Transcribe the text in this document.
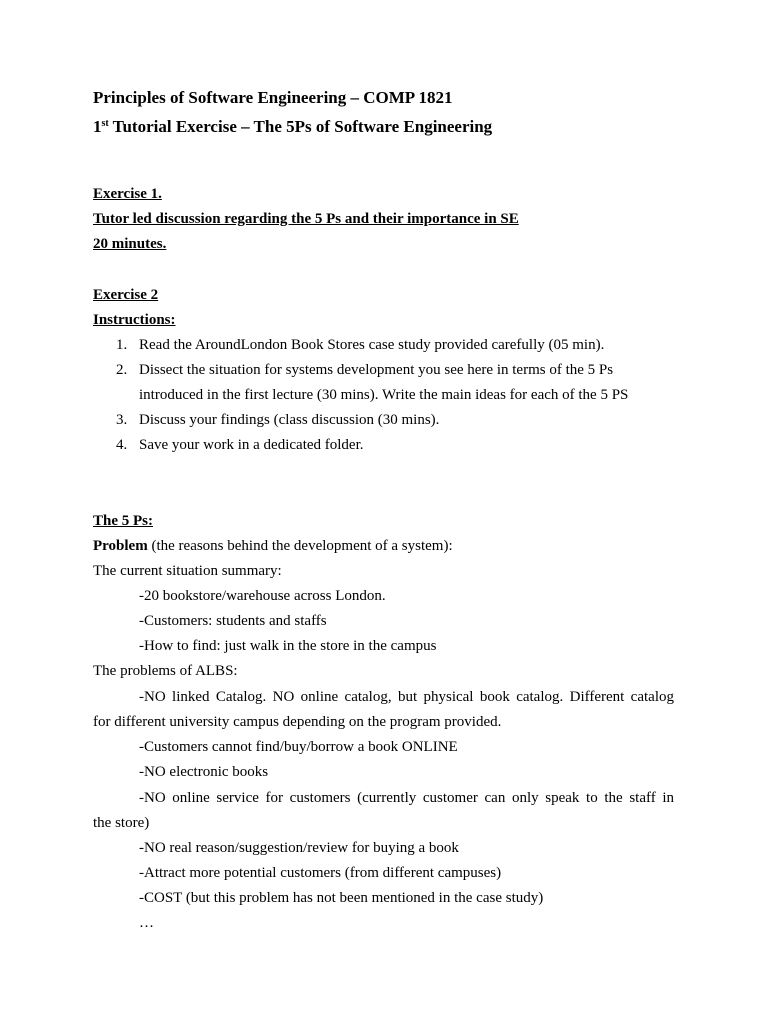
Principles of Software Engineering – COMP 1821
1st Tutorial Exercise – The 5Ps of Software Engineering
Exercise 1.
Tutor led discussion regarding the 5 Ps and their importance in SE
20 minutes.
Exercise 2
Instructions:
1. Read the AroundLondon Book Stores case study provided carefully (05 min).
2. Dissect the situation for systems development you see here in terms of the 5 Ps
introduced in the first lecture (30 mins). Write the main ideas for each of the 5 PS
3. Discuss your findings (class discussion (30 mins).
4. Save your work in a dedicated folder.
The 5 Ps:
Problem (the reasons behind the development of a system):
The current situation summary:
-20 bookstore/warehouse across London.
-Customers: students and staffs
-How to find: just walk in the store in the campus
The problems of ALBS:
-NO linked Catalog. NO online catalog, but physical book catalog. Different catalog
for different university campus depending on the program provided.
-Customers cannot find/buy/borrow a book ONLINE
-NO electronic books
-NO online service for customers (currently customer can only speak to the staff in
the store)
-NO real reason/suggestion/review for buying a book
-Attract more potential customers (from different campuses)
-COST (but this problem has not been mentioned in the case study)
…
